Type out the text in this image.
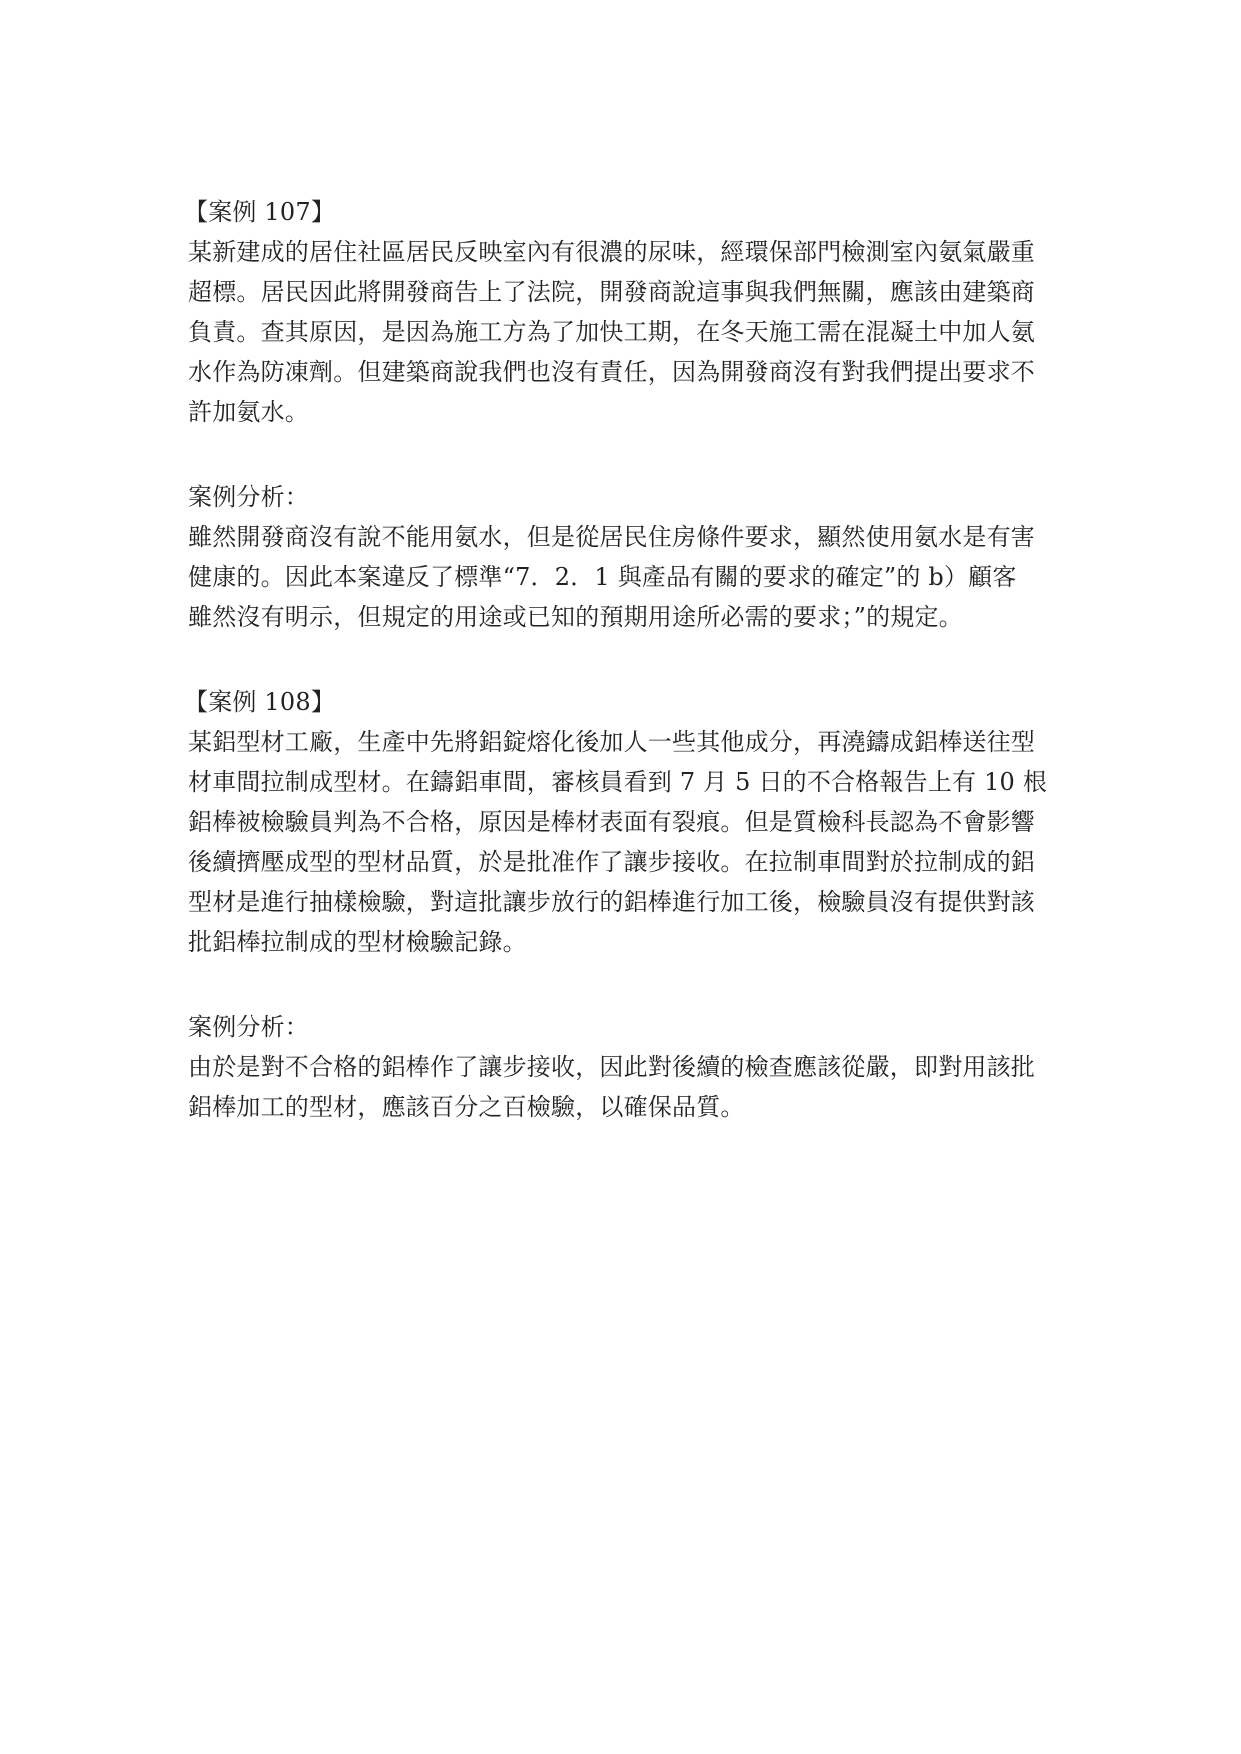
【案例 107】
某新建成的居住社區居民反映室內有很濃的尿味，經環保部門檢測室內氨氣嚴重
超標。居民因此將開發商告上了法院，開發商說這事與我們無關，應該由建築商
負責。查其原因，是因為施工方為了加快工期，在冬天施工需在混凝土中加人氨
水作為防凍劑。但建築商說我們也沒有責任，因為開發商沒有對我們提出要求不
許加氨水。
案例分析：
雖然開發商沒有說不能用氨水，但是從居民住房條件要求，顯然使用氨水是有害
健康的。因此本案違反了標準“7．2．1 與產品有關的要求的確定”的 b）顧客
雖然沒有明示，但規定的用途或已知的預期用途所必需的要求；”的規定。
【案例 108】
某鋁型材工廠，生產中先將鋁錠熔化後加人一些其他成分，再澆鑄成鋁棒送往型
材車間拉制成型材。在鑄鋁車間，審核員看到 7 月 5 日的不合格報告上有 10 根
鋁棒被檢驗員判為不合格，原因是棒材表面有裂痕。但是質檢科長認為不會影響
後續擠壓成型的型材品質，於是批准作了讓步接收。在拉制車間對於拉制成的鋁
型材是進行抽樣檢驗，對這批讓步放行的鋁棒進行加工後，檢驗員沒有提供對該
批鋁棒拉制成的型材檢驗記錄。
案例分析：
由於是對不合格的鋁棒作了讓步接收，因此對後續的檢查應該從嚴，即對用該批
鋁棒加工的型材，應該百分之百檢驗，以確保品質。
